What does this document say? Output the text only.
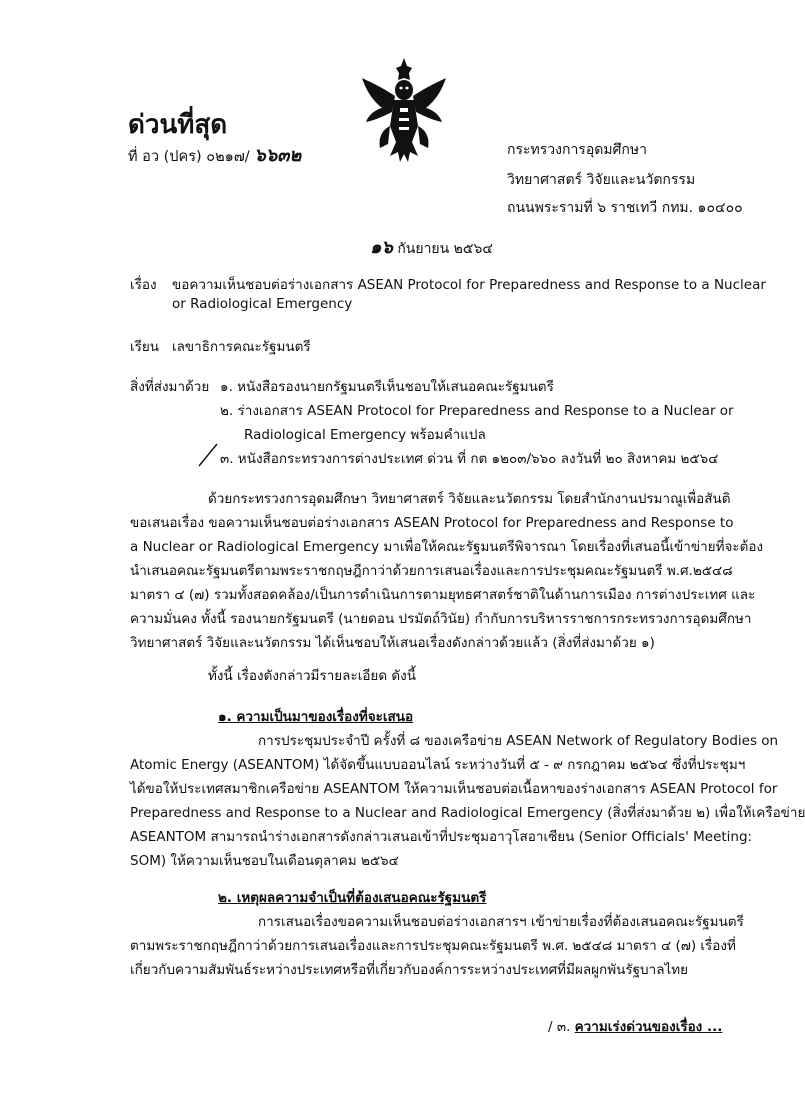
ด่วนที่สุด
ที่ อว (ปคร) ๐๒๑๗/ ๖๖๓๒	กระทรวงการอุดมศึกษา
วิทยาศาสตร์ วิจัยและนวัตกรรม
ถนนพระรามที่ ๖ ราชเทวี กทม. ๑๐๔๐๐
๑๖ กันยายน ๒๕๖๔
เรื่อง ขอความเห็นชอบต่อร่างเอกสาร ASEAN Protocol for Preparedness and Response to a Nuclear
or Radiological Emergency
เรียน เลขาธิการคณะรัฐมนตรี
สิ่งที่ส่งมาด้วย ๑. หนังสือรองนายกรัฐมนตรีเห็นชอบให้เสนอคณะรัฐมนตรี
๒. ร่างเอกสาร ASEAN Protocol for Preparedness and Response to a Nuclear or
Radiological Emergency พร้อมคำแปล
๓. หนังสือกระทรวงการต่างประเทศ ด่วน ที่ กต ๑๒๐๓/๖๖๐ ลงวันที่ ๒๐ สิงหาคม ๒๕๖๔
ด้วยกระทรวงการอุดมศึกษา วิทยาศาสตร์ วิจัยและนวัตกรรม โดยสำนักงานปรมาณูเพื่อสันติ
ขอเสนอเรื่อง ขอความเห็นชอบต่อร่างเอกสาร ASEAN Protocol for Preparedness and Response to
a Nuclear or Radiological Emergency มาเพื่อให้คณะรัฐมนตรีพิจารณา โดยเรื่องที่เสนอนี้เข้าข่ายที่จะต้อง
นำเสนอคณะรัฐมนตรีตามพระราชกฤษฎีกาว่าด้วยการเสนอเรื่องและการประชุมคณะรัฐมนตรี พ.ศ.๒๕๔๘
มาตรา ๔ (๗) รวมทั้งสอดคล้อง/เป็นการดำเนินการตามยุทธศาสตร์ชาติในด้านการเมือง การต่างประเทศ และ
ความมั่นคง ทั้งนี้ รองนายกรัฐมนตรี (นายดอน ปรมัตถ์วินัย) กำกับการบริหารราชการกระทรวงการอุดมศึกษา
วิทยาศาสตร์ วิจัยและนวัตกรรม ได้เห็นชอบให้เสนอเรื่องดังกล่าวด้วยแล้ว (สิ่งที่ส่งมาด้วย ๑)
ทั้งนี้ เรื่องดังกล่าวมีรายละเอียด ดังนี้
๑. ความเป็นมาของเรื่องที่จะเสนอ
การประชุมประจำปี ครั้งที่ ๘ ของเครือข่าย ASEAN Network of Regulatory Bodies on
Atomic Energy (ASEANTOM) ได้จัดขึ้นแบบออนไลน์ ระหว่างวันที่ ๕ - ๙ กรกฎาคม ๒๕๖๔ ซึ่งที่ประชุมฯ
ได้ขอให้ประเทศสมาชิกเครือข่าย ASEANTOM ให้ความเห็นชอบต่อเนื้อหาของร่างเอกสาร ASEAN Protocol for
Preparedness and Response to a Nuclear and Radiological Emergency (สิ่งที่ส่งมาด้วย ๒) เพื่อให้เครือข่าย
ASEANTOM สามารถนำร่างเอกสารดังกล่าวเสนอเข้าที่ประชุมอาวุโสอาเซียน (Senior Officials' Meeting:
SOM) ให้ความเห็นชอบในเดือนตุลาคม ๒๕๖๔
๒. เหตุผลความจำเป็นที่ต้องเสนอคณะรัฐมนตรี
การเสนอเรื่องขอความเห็นชอบต่อร่างเอกสารฯ เข้าข่ายเรื่องที่ต้องเสนอคณะรัฐมนตรี
ตามพระราชกฤษฎีกาว่าด้วยการเสนอเรื่องและการประชุมคณะรัฐมนตรี พ.ศ. ๒๕๔๘ มาตรา ๔ (๗) เรื่องที่
เกี่ยวกับความสัมพันธ์ระหว่างประเทศหรือที่เกี่ยวกับองค์การระหว่างประเทศที่มีผลผูกพันรัฐบาลไทย
/ ๓. ความเร่งด่วนของเรื่อง ...
